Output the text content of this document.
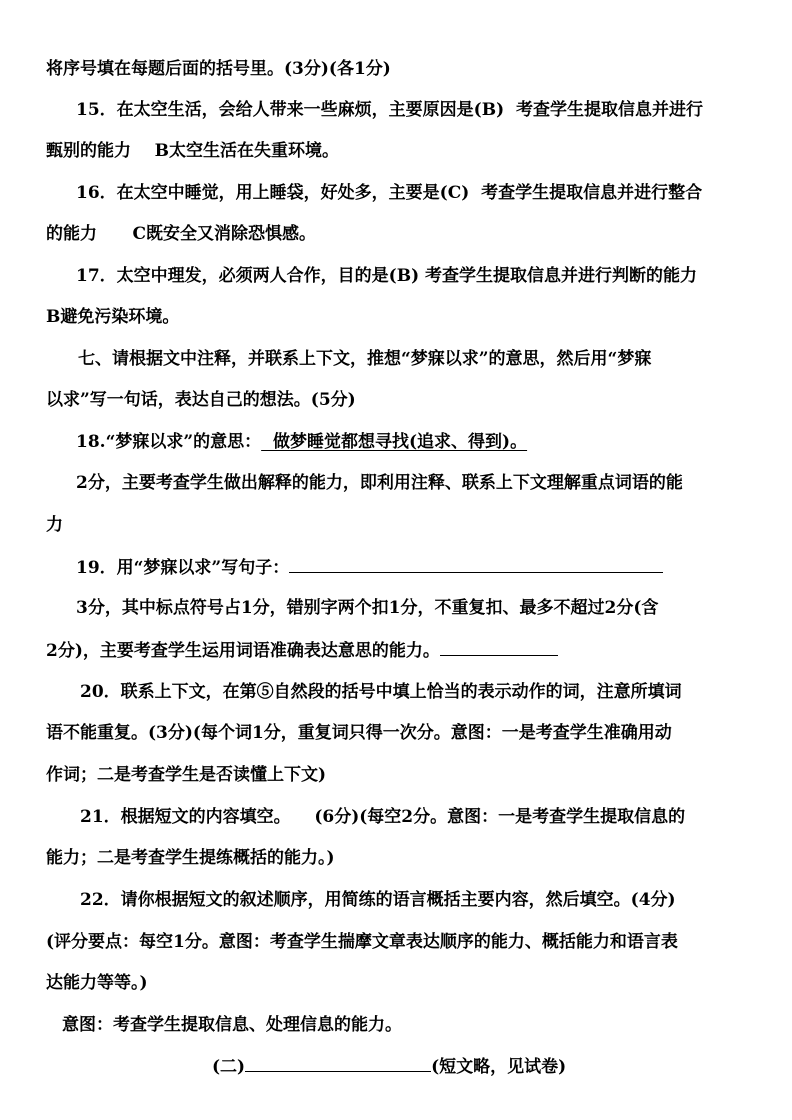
将序号填在每题后面的括号里。(3分)(各1分)
15．在太空生活，会给人带来一些麻烦，主要原因是(B)  考查学生提取信息并进行
甄别的能力    B太空生活在失重环境。
16．在太空中睡觉，用上睡袋，好处多，主要是(C)  考查学生提取信息并进行整合
的能力      C既安全又消除恐惧感。
17．太空中理发，必须两人合作，目的是(B) 考查学生提取信息并进行判断的能力
B避免污染环境。
七、请根据文中注释，并联系上下文，推想“梦寐以求”的意思，然后用“梦寐
以求”写一句话，表达自己的想法。(5分)
18.“梦寐以求”的意思：  做梦睡觉都想寻找(追求、得到)。
2分，主要考查学生做出解释的能力，即利用注释、联系上下文理解重点词语的能
力
19．用“梦寐以求”写句子：
3分，其中标点符号占1分，错别字两个扣1分，不重复扣、最多不超过2分(含
2分)，主要考查学生运用词语准确表达意思的能力。
20．联系上下文，在第⑤自然段的括号中填上恰当的表示动作的词，注意所填词
语不能重复。(3分)(每个词1分，重复词只得一次分。意图：一是考查学生准确用动
作词；二是考查学生是否读懂上下文)
21．根据短文的内容填空。    (6分)(每空2分。意图：一是考查学生提取信息的
能力；二是考查学生提练概括的能力。)
22．请你根据短文的叙述顺序，用简练的语言概括主要内容，然后填空。(4分)
(评分要点：每空1分。意图：考查学生揣摩文章表达顺序的能力、概括能力和语言表
达能力等等。)
意图：考查学生提取信息、处理信息的能力。
(二)	(短文略，见试卷)
